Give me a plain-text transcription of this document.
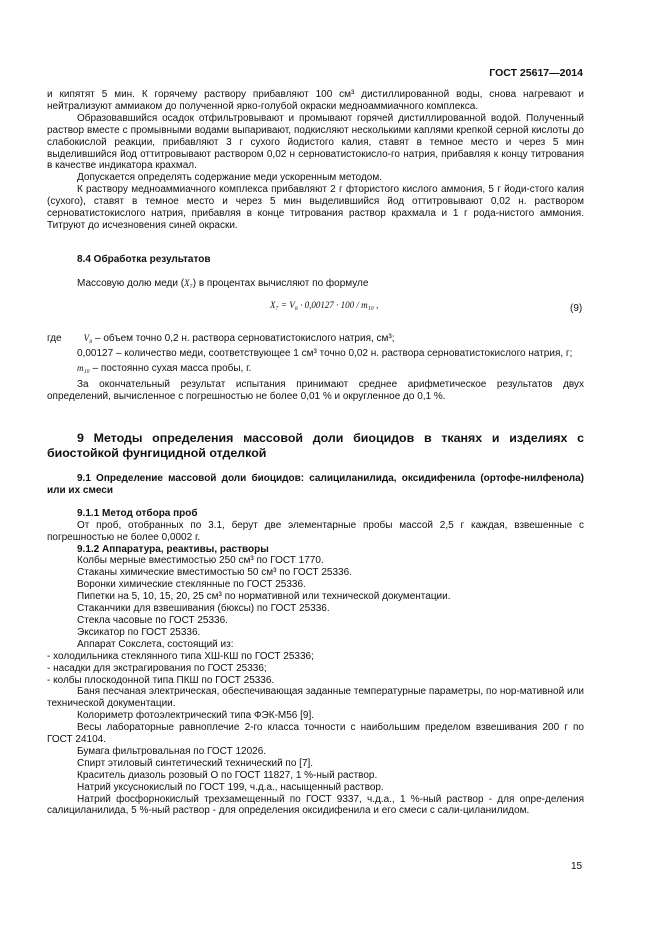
ГОСТ 25617—2014

и кипятят 5 мин. К горячему раствору прибавляют 100 см³ дистиллированной воды, снова нагревают и нейтрализуют аммиаком до полученной ярко-голубой окраски медноаммиачного комплекса.

Образовавшийся осадок отфильтровывают и промывают горячей дистиллированной водой. Полученный раствор вместе с промывными водами выпаривают, подкисляют несколькими каплями крепкой серной кислоты до слабокислой реакции, прибавляют 3 г сухого йодистого калия, ставят в темное место и через 5 мин выделившийся йод оттитровывают раствором 0,02 н серноватистокисло-го натрия, прибавляя к концу титрования в качестве индикатора крахмал.

Допускается определять содержание меди ускоренным методом.

К раствору медноаммиачного комплекса прибавляют 2 г фтористого кислого аммония, 5 г йоди-стого калия (сухого), ставят в темное место и через 5 мин выделившийся йод оттитровывают 0,02 н. раствором серноватистокислого натрия, прибавляя в конце титрования раствор крахмала и 1 г рода-нистого аммония. Титруют до исчезновения синей окраски.

8.4 Обработка результатов

Массовую долю меди (X₇) в процентах вычисляют по формуле

X₇ = V₈ · 0,00127 · 100 / m₁₀ ,	(9)

где V₈ – объем точно 0,2 н. раствора серноватистокислого натрия, см³;

0,00127 – количество меди, соответствующее 1 см³ точно 0,02 н. раствора серноватистокислого натрия, г;

m₁₀ – постоянно сухая масса пробы, г.

За окончательный результат испытания принимают среднее арифметическое результатов двух определений, вычисленное с погрешностью не более 0,01 % и округленное до 0,1 %.

9 Методы определения массовой доли биоцидов в тканях и изделиях с биостойкой фунгицидной отделкой

9.1 Определение массовой доли биоцидов: салициланилида, оксидифенила (ортофе-нилфенола) или их смеси

9.1.1 Метод отбора проб

От проб, отобранных по 3.1, берут две элементарные пробы массой 2,5 г каждая, взвешенные с погрешностью не более 0,0002 г.

9.1.2 Аппаратура, реактивы, растворы

Колбы мерные вместимостью 250 см³ по ГОСТ 1770.

Стаканы химические вместимостью 50 см³ по ГОСТ 25336.

Воронки химические стеклянные по ГОСТ 25336.

Пипетки на 5, 10, 15, 20, 25 см³ по нормативной или технической документации.

Стаканчики для взвешивания (бюксы) по ГОСТ 25336.

Стекла часовые по ГОСТ 25336.

Эксикатор по ГОСТ 25336.

Аппарат Сокслета, состоящий из:

- холодильника стеклянного типа ХШ-КШ по ГОСТ 25336;

- насадки для экстрагирования по ГОСТ 25336;

- колбы плоскодонной типа ПКШ по ГОСТ 25336.

Баня песчаная электрическая, обеспечивающая заданные температурные параметры, по нор-мативной или технической документации.

Колориметр фотоэлектрический типа ФЭК-М56 [9].

Весы лабораторные равноплечие 2-го класса точности с наибольшим пределом взвешивания 200 г по ГОСТ 24104.

Бумага фильтровальная по ГОСТ 12026.

Спирт этиловый синтетический технический по [7].

Краситель диазоль розовый О по ГОСТ 11827, 1 %-ный раствор.

Натрий уксуснокислый по ГОСТ 199, ч.д.а., насыщенный раствор.

Натрий фосфорнокислый трехзамещенный по ГОСТ 9337, ч.д.а., 1 %-ный раствор - для опре-деления салициланилида, 5 %-ный раствор - для определения оксидифенила и его смеси с сали-циланилидом.

15
